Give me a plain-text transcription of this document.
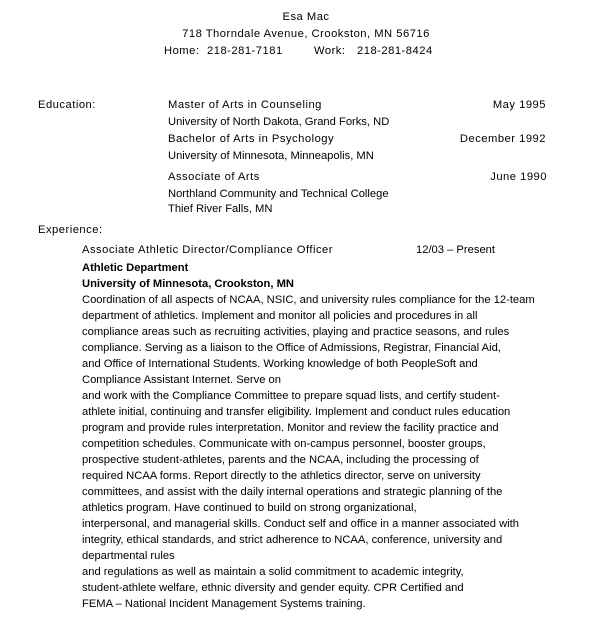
Esa Mac
718 Thorndale Avenue, Crookston, MN 56716
Home: 218-281-7181	Work: 218-281-8424
Education:	Master of Arts in Counseling	May 1995
University of North Dakota, Grand Forks, ND
Bachelor of Arts in Psychology	December 1992
University of Minnesota, Minneapolis, MN
Associate of Arts	June 1990
Northland Community and Technical College
Thief River Falls, MN
Experience:
Associate Athletic Director/Compliance Officer	12/03 – Present
Athletic Department
University of Minnesota, Crookston, MN
Coordination of all aspects of NCAA, NSIC, and university rules compliance for the 12-team
department of athletics. Implement and monitor all policies and procedures in all
compliance areas such as recruiting activities, playing and practice seasons, and rules
compliance. Serving as a liaison to the Office of Admissions, Registrar, Financial Aid,
and Office of International Students. Working knowledge of both PeopleSoft and
Compliance Assistant Internet. Serve on
and work with the Compliance Committee to prepare squad lists, and certify student-
athlete initial, continuing and transfer eligibility. Implement and conduct rules education
program and provide rules interpretation. Monitor and review the facility practice and
competition schedules. Communicate with on-campus personnel, booster groups,
prospective student-athletes, parents and the NCAA, including the processing of
required NCAA forms. Report directly to the athletics director, serve on university
committees, and assist with the daily internal operations and strategic planning of the
athletics program. Have continued to build on strong organizational,
interpersonal, and managerial skills. Conduct self and office in a manner associated with
integrity, ethical standards, and strict adherence to NCAA, conference, university and
departmental rules
and regulations as well as maintain a solid commitment to academic integrity,
student-athlete welfare, ethnic diversity and gender equity. CPR Certified and
FEMA – National Incident Management Systems training.
